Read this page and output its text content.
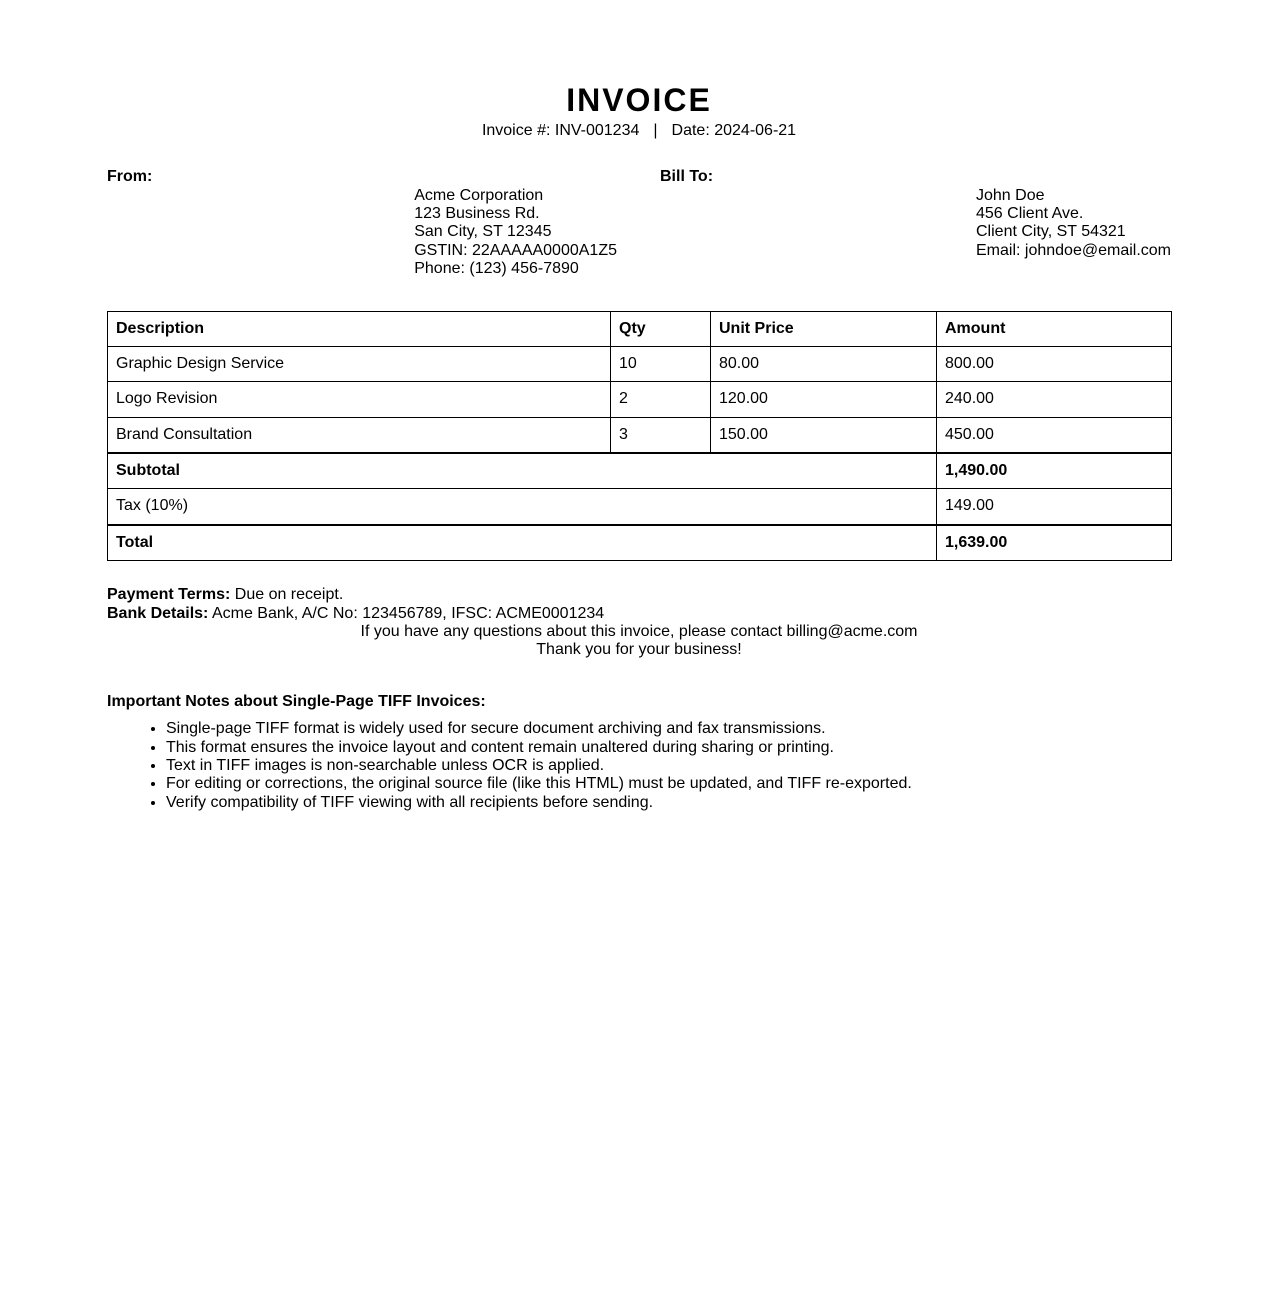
INVOICE
Invoice #: INV-001234 | Date: 2024-06-21
From:
Acme Corporation
123 Business Rd.
San City, ST 12345
GSTIN: 22AAAAA0000A1Z5
Phone: (123) 456-7890
Bill To:
John Doe
456 Client Ave.
Client City, ST 54321
Email: johndoe@email.com
Description	Qty	Unit Price	Amount
Graphic Design Service	10	80.00	800.00
Logo Revision	2	120.00	240.00
Brand Consultation	3	150.00	450.00
Subtotal			1,490.00
Tax (10%)			149.00
Total			1,639.00

Payment Terms: Due on receipt.

Bank Details: Acme Bank, A/C No: 123456789, IFSC: ACME0001234

If you have any questions about this invoice, please contact billing@acme.com

Thank you for your business!

Important Notes about Single-Page TIFF Invoices:

• Single-page TIFF format is widely used for secure document archiving and fax transmissions.
• This format ensures the invoice layout and content remain unaltered during sharing or printing.
• Text in TIFF images is non-searchable unless OCR is applied.
• For editing or corrections, the original source file (like this HTML) must be updated, and TIFF re-exported.
• Verify compatibility of TIFF viewing with all recipients before sending.
